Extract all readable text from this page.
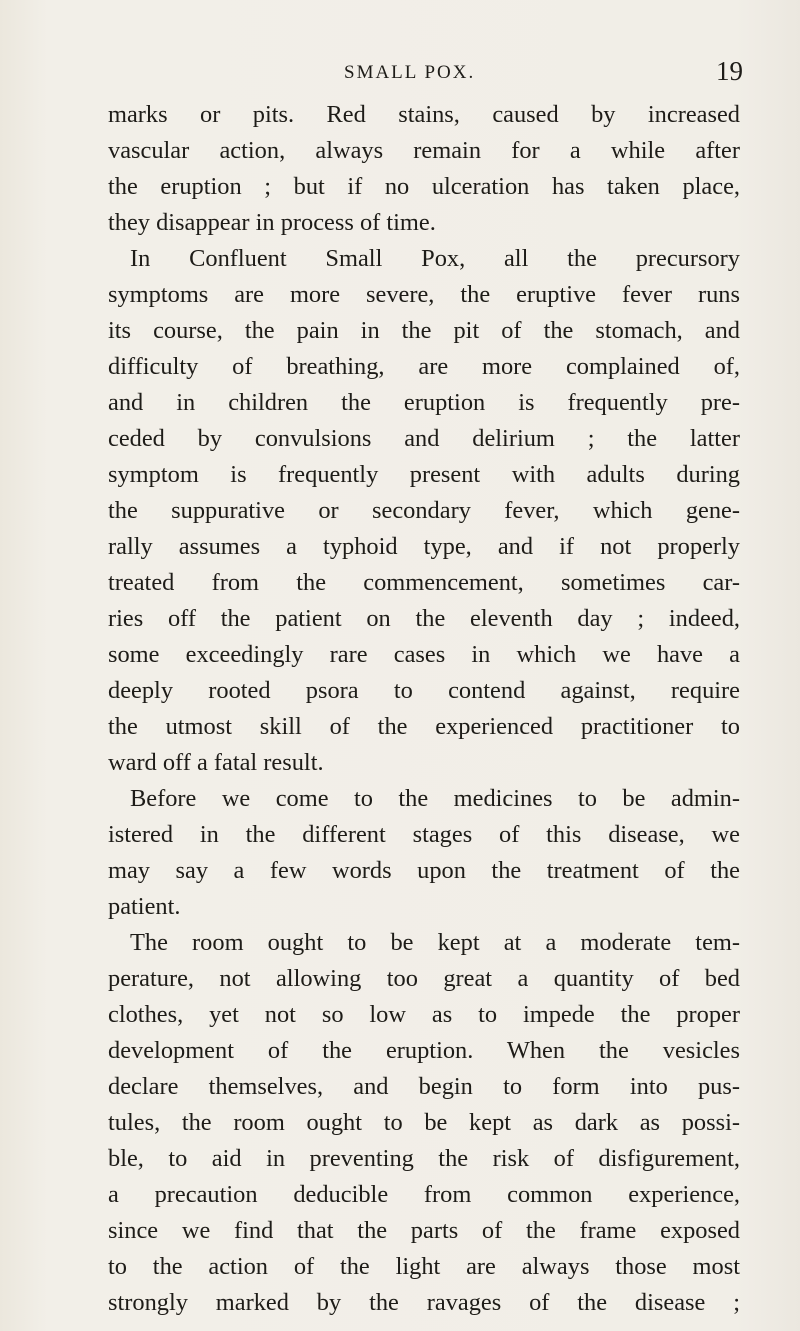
SMALL POX.	19
marks or pits. Red stains, caused by increased
vascular action, always remain for a while after
the eruption ; but if no ulceration has taken place,
they disappear in process of time.
In Confluent Small Pox, all the precursory
symptoms are more severe, the eruptive fever runs
its course, the pain in the pit of the stomach, and
difficulty of breathing, are more complained of,
and in children the eruption is frequently pre-
ceded by convulsions and delirium ; the latter
symptom is frequently present with adults during
the suppurative or secondary fever, which gene-
rally assumes a typhoid type, and if not properly
treated from the commencement, sometimes car-
ries off the patient on the eleventh day ; indeed,
some exceedingly rare cases in which we have a
deeply rooted psora to contend against, require
the utmost skill of the experienced practitioner to
ward off a fatal result.
Before we come to the medicines to be admin-
istered in the different stages of this disease, we
may say a few words upon the treatment of the
patient.
The room ought to be kept at a moderate tem-
perature, not allowing too great a quantity of bed
clothes, yet not so low as to impede the proper
development of the eruption. When the vesicles
declare themselves, and begin to form into pus-
tules, the room ought to be kept as dark as possi-
ble, to aid in preventing the risk of disfigurement,
a precaution deducible from common experience,
since we find that the parts of the frame exposed
to the action of the light are always those most
strongly marked by the ravages of the disease ;
